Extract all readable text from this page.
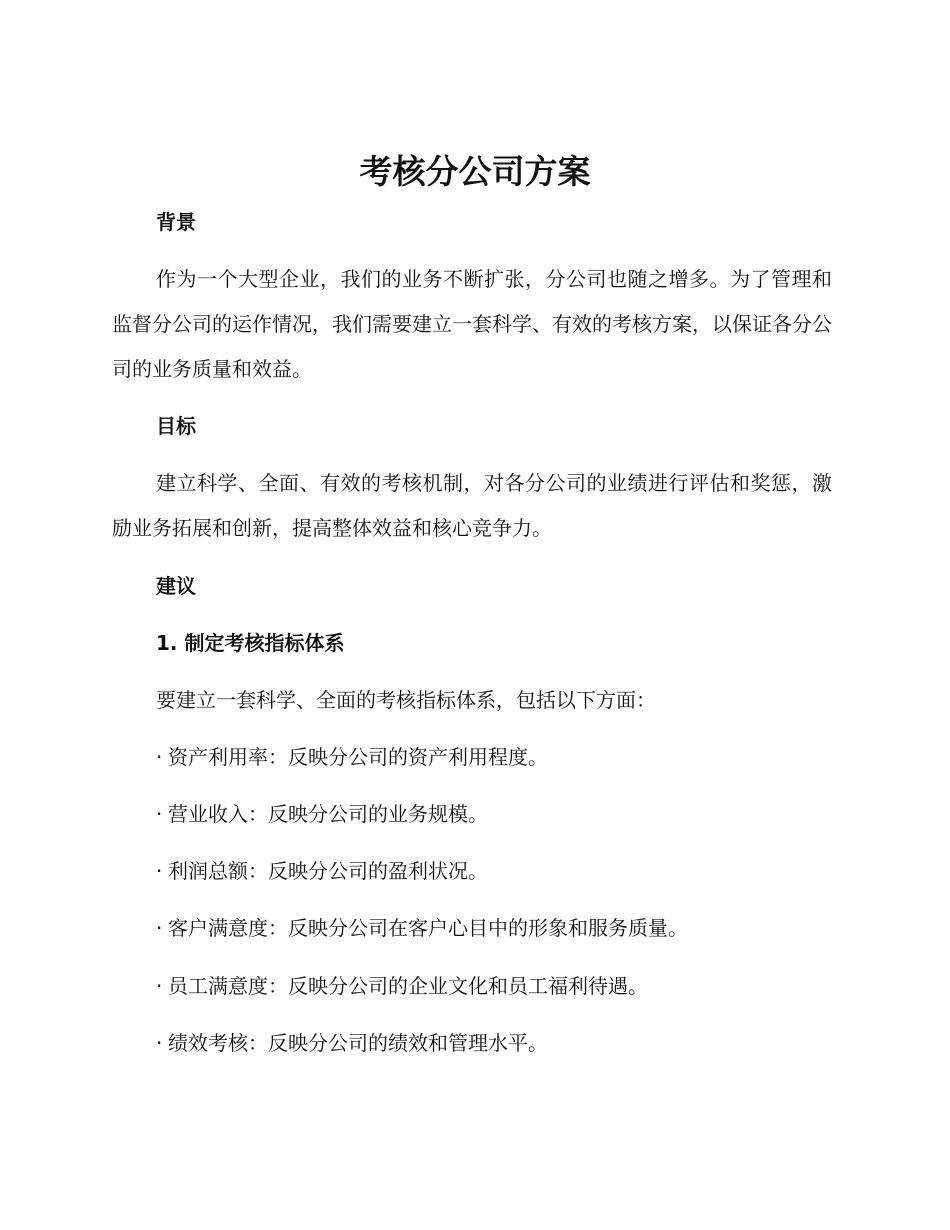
考核分公司方案
背景
作为一个大型企业，我们的业务不断扩张，分公司也随之增多。为了管理和监督分公司的运作情况，我们需要建立一套科学、有效的考核方案，以保证各分公司的业务质量和效益。
目标
建立科学、全面、有效的考核机制，对各分公司的业绩进行评估和奖惩，激励业务拓展和创新，提高整体效益和核心竞争力。
建议
1. 制定考核指标体系
要建立一套科学、全面的考核指标体系，包括以下方面：
· 资产利用率：反映分公司的资产利用程度。
· 营业收入：反映分公司的业务规模。
· 利润总额：反映分公司的盈利状况。
· 客户满意度：反映分公司在客户心目中的形象和服务质量。
· 员工满意度：反映分公司的企业文化和员工福利待遇。
· 绩效考核：反映分公司的绩效和管理水平。
